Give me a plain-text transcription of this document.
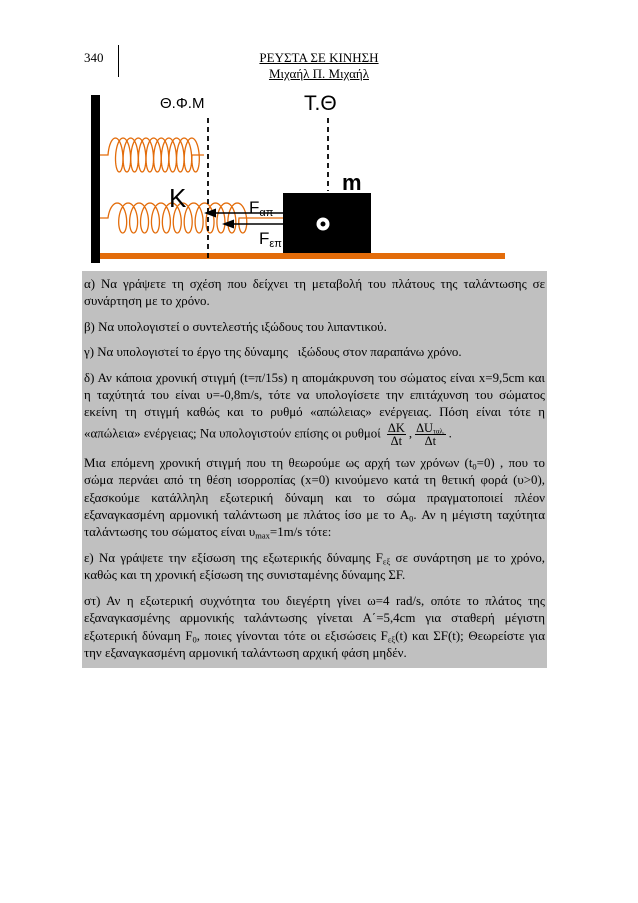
340	ΡΕΥΣΤΑ ΣΕ ΚΙΝΗΣΗ
Μιχαήλ Π. Μιχαήλ
Θ.Φ.Μ	Τ.Θ
m
K	Fαπ
Fεπ

α) Να γράψετε τη σχέση που δείχνει τη μεταβολή του πλάτους της ταλάντωσης σε συνάρτηση με το χρόνο.

β) Να υπολογιστεί ο συντελεστής ιξώδους του λιπαντικού.

γ) Να υπολογιστεί το έργο της δύναμης   ιξώδους στον παραπάνω χρόνο.

δ) Αν κάποια χρονική στιγμή (t=π/15s) η απομάκρυνση του σώματος είναι x=9,5cm και η ταχύτητά του είναι υ=-0,8m/s, τότε να υπολογίσετε την επιτάχυνση του σώματος εκείνη τη στιγμή καθώς και το ρυθμό «απώλειας» ενέργειας. Πόση είναι τότε η «απώλεια» ενέργειας; Να υπολογιστούν επίσης οι ρυθμοί $\frac{\Delta K}{\Delta t}$ , $\frac{\Delta U_{\tau\alpha\lambda.}}{\Delta t}$ .

Μια επόμενη χρονική στιγμή που τη θεωρούμε ως αρχή των χρόνων $(t_0=0)$ , που το σώμα περνάει από τη θέση ισορροπίας (x=0) κινούμενο κατά τη θετική φορά (υ>0), εξασκούμε κατάλληλη εξωτερική δύναμη και το σώμα πραγματοποιεί πλέον εξαναγκασμένη αρμονική ταλάντωση με πλάτος ίσο με το $A_0$. Αν η μέγιστη ταχύτητα ταλάντωσης του σώματος είναι $\upsilon_{max}=1m/s$ τότε:

ε) Να γράψετε την εξίσωση της εξωτερικής δύναμης $F_{\varepsilon\xi}$ σε συνάρτηση με το χρόνο, καθώς και τη χρονική εξίσωση της συνισταμένης δύναμης ΣF.

στ) Αν η εξωτερική συχνότητα του διεγέρτη γίνει ω=4 rad/s, οπότε το πλάτος της εξαναγκασμένης αρμονικής ταλάντωσης γίνεται A΄=5,4cm για σταθερή μέγιστη εξωτερική δύναμη $F_0$, ποιες γίνονται τότε οι εξισώσεις $F_{\varepsilon\xi}(t)$ και ΣF(t); Θεωρείστε για την εξαναγκασμένη αρμονική ταλάντωση αρχική φάση μηδέν.
